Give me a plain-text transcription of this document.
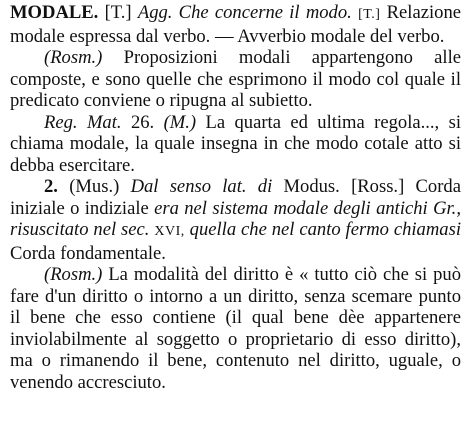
MODALE. [T.] Agg. Che concerne il modo. [T.] Relazione modale espressa dal verbo. — Avverbio modale del verbo.

(Rosm.) Proposizioni modali appartengono alle composte, e sono quelle che esprimono il modo col quale il predicato conviene o ripugna al subietto.

Reg. Mat. 26. (M.) La quarta ed ultima regola..., si chiama modale, la quale insegna in che modo cotale atto si debba esercitare.

2. (Mus.) Dal senso lat. di Modus. [Ross.] Corda iniziale o indiziale era nel sistema modale degli antichi Gr., risuscitato nel sec. XVI, quella che nel canto fermo chiamasi Corda fondamentale.

(Rosm.) La modalità del diritto è « tutto ciò che si può fare d'un diritto o intorno a un diritto, senza scemare punto il bene che esso contiene (il qual bene dèe appartenere inviolabilmente al soggetto o proprietario di esso diritto), ma o rimanendo il bene, contenuto nel diritto, uguale, o venendo accresciuto.
